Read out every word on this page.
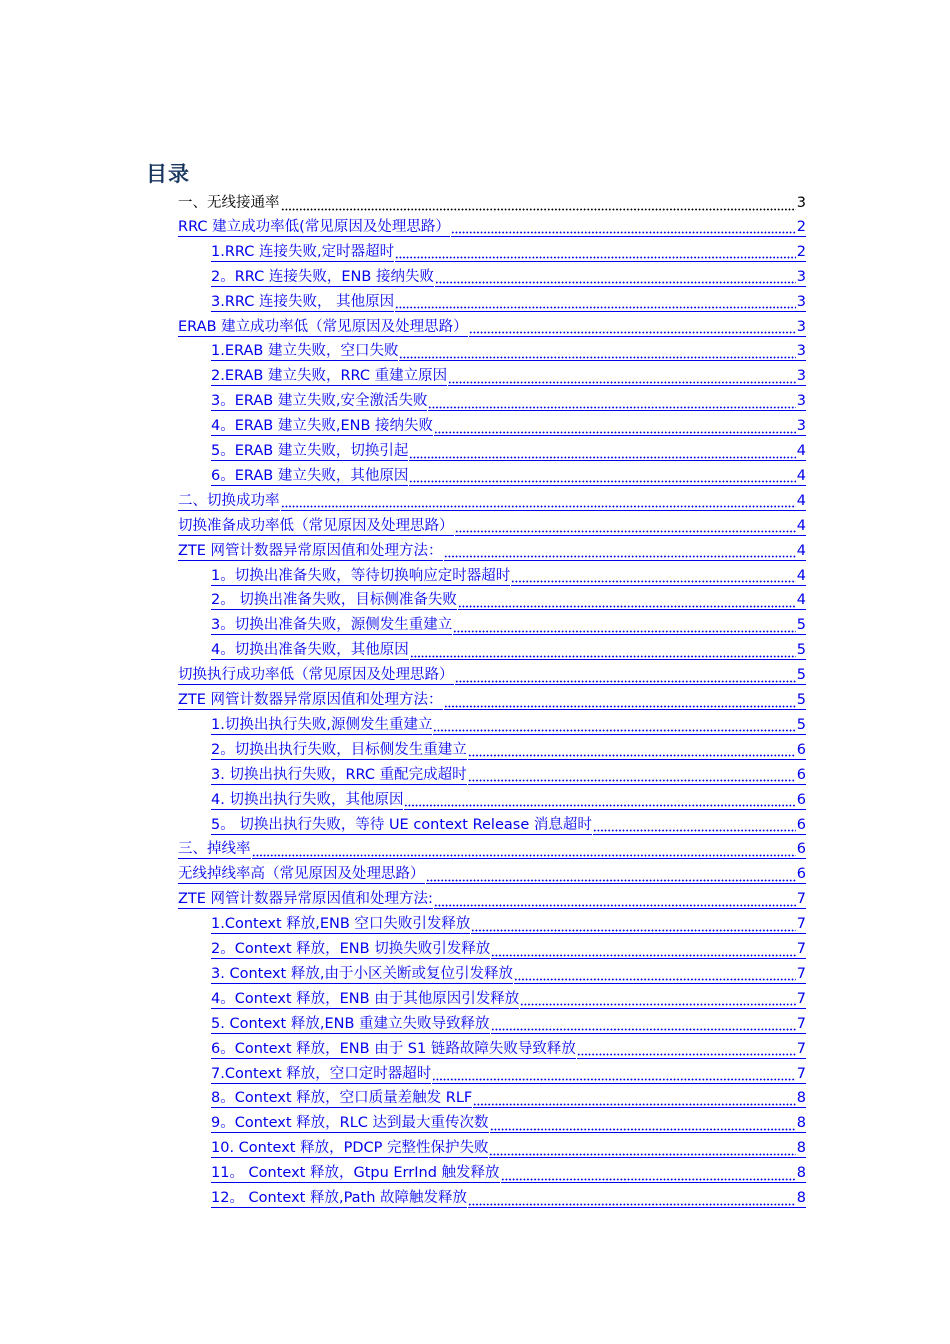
目录
一、无线接通率	3
RRC 建立成功率低(常见原因及处理思路）	2
1.RRC 连接失败,定时器超时	2
2。RRC 连接失败，ENB 接纳失败	3
3.RRC 连接失败， 其他原因	3
ERAB 建立成功率低（常见原因及处理思路）	3
1.ERAB 建立失败，空口失败	3
2.ERAB 建立失败，RRC 重建立原因	3
3。ERAB 建立失败,安全激活失败	3
4。ERAB 建立失败,ENB 接纳失败	3
5。ERAB 建立失败，切换引起	4
6。ERAB 建立失败，其他原因	4
二、切换成功率	4
切换准备成功率低（常见原因及处理思路）	4
ZTE 网管计数器异常原因值和处理方法：	4
1。切换出准备失败，等待切换响应定时器超时	4
2。 切换出准备失败，目标侧准备失败	4
3。切换出准备失败，源侧发生重建立	5
4。切换出准备失败，其他原因	5
切换执行成功率低（常见原因及处理思路）	5
ZTE 网管计数器异常原因值和处理方法：	5
1.切换出执行失败,源侧发生重建立	5
2。切换出执行失败，目标侧发生重建立	6
3. 切换出执行失败，RRC 重配完成超时	6
4. 切换出执行失败，其他原因	6
5。 切换出执行失败，等待 UE context Release 消息超时	6
三、掉线率	6
无线掉线率高（常见原因及处理思路）	6
ZTE 网管计数器异常原因值和处理方法:	7
1.Context 释放,ENB 空口失败引发释放	7
2。Context 释放，ENB 切换失败引发释放	7
3. Context 释放,由于小区关断或复位引发释放	7
4。Context 释放，ENB 由于其他原因引发释放	7
5. Context 释放,ENB 重建立失败导致释放	7
6。Context 释放，ENB 由于 S1 链路故障失败导致释放	7
7.Context 释放，空口定时器超时	7
8。Context 释放，空口质量差触发 RLF	8
9。Context 释放，RLC 达到最大重传次数	8
10. Context 释放，PDCP 完整性保护失败	8
11。 Context 释放，Gtpu ErrInd 触发释放	8
12。 Context 释放,Path 故障触发释放	8
